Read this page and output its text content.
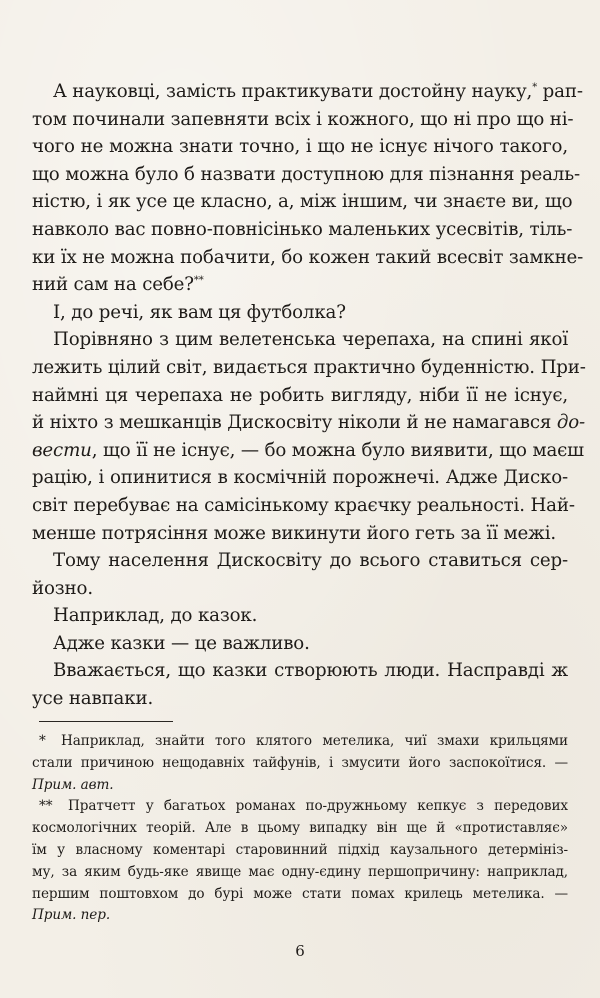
А науковці, замість практикувати достойну науку,* рап-
том починали запевняти всіх і кожного, що ні про що ні-
чого не можна знати точно, і що не існує нічого такого,
що можна було б назвати доступною для пізнання реаль-
ністю, і як усе це класно, а, між іншим, чи знаєте ви, що
навколо вас повно-повнісінько маленьких усесвітів, тіль-
ки їх не можна побачити, бо кожен такий всесвіт замкне-
ний сам на себе?**

І, до речі, як вам ця футболка?

Порівняно з цим велетенська черепаха, на спині якої
лежить цілий світ, видається практично буденністю. При-
наймні ця черепаха не робить вигляду, ніби її не існує,
й ніхто з мешканців Дискосвіту ніколи й не намагався до-
вести, що її не існує, — бо можна було виявити, що маєш
рацію, і опинитися в космічній порожнечі. Адже Диско-
світ перебуває на самісінькому краєчку реальності. Най-
менше потрясіння може викинути його геть за її межі.

Тому населення Дискосвіту до всього ставиться сер-
йозно.

Наприклад, до казок.

Адже казки — це важливо.

Вважається, що казки створюють люди. Насправді ж
усе навпаки.

* Наприклад, знайти того клятого метелика, чиї змахи крильцями
стали причиною нещодавніх тайфунів, і змусити його заспокоїтися. —
Прим. авт.

** Пратчетт у багатьох романах по-дружньому кепкує з передових
космологічних теорій. Але в цьому випадку він ще й «протиставляє»
їм у власному коментарі старовинний підхід каузального детермініз-
му, за яким будь-яке явище має одну-єдину першопричину: наприклад,
першим поштовхом до бурі може стати помах крилець метелика. —
Прим. пер.

6
